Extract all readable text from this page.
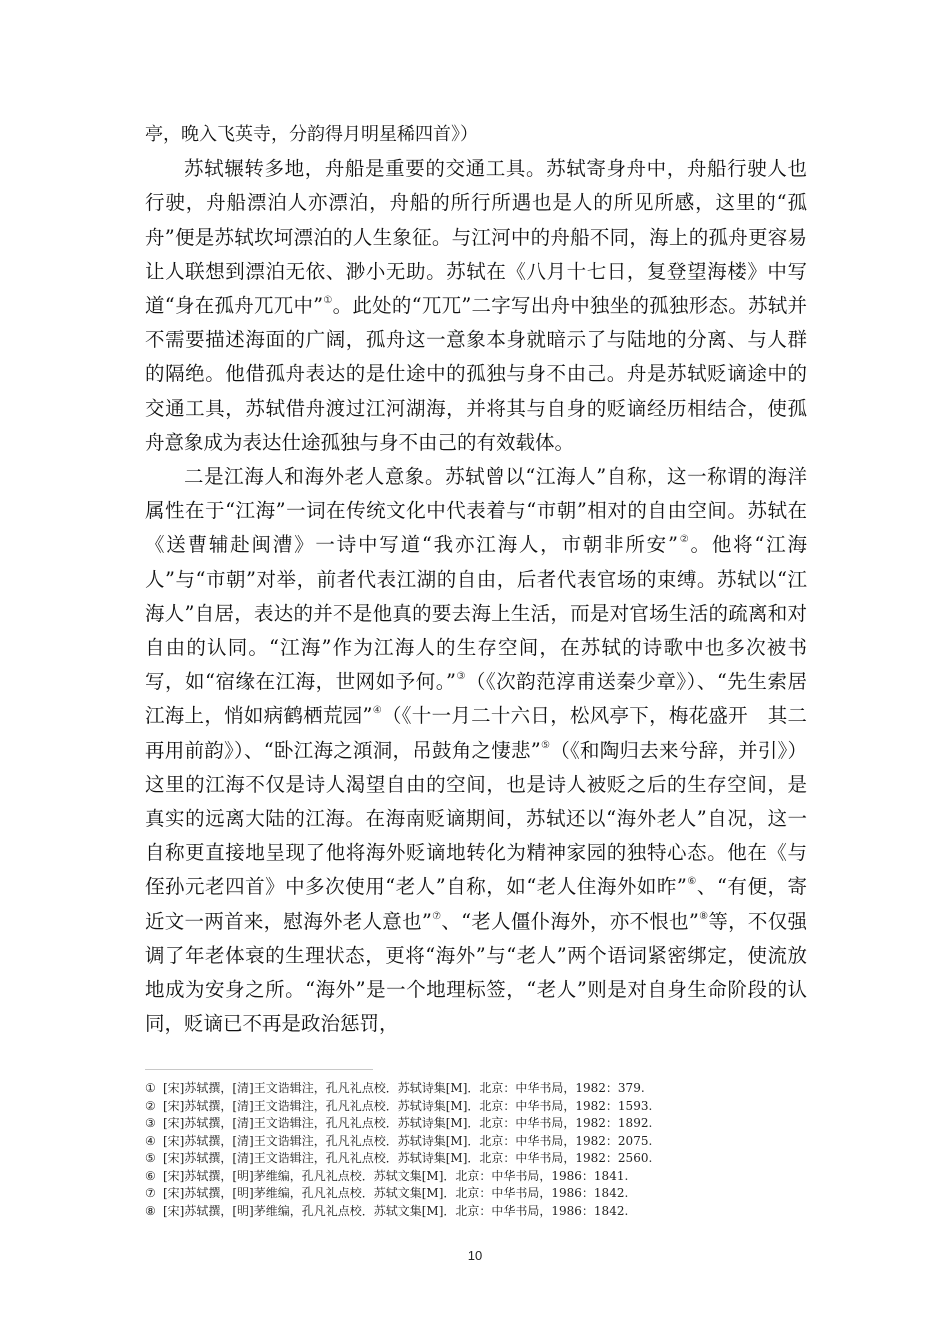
亭，晚入飞英寺，分韵得月明星稀四首》）

苏轼辗转多地，舟船是重要的交通工具。苏轼寄身舟中，舟船行驶人也行驶，舟船漂泊人亦漂泊，舟船的所行所遇也是人的所见所感，这里的“孤舟”便是苏轼坎坷漂泊的人生象征。与江河中的舟船不同，海上的孤舟更容易让人联想到漂泊无依、渺小无助。苏轼在《八月十七日，复登望海楼》中写道“身在孤舟兀兀中”①。此处的“兀兀”二字写出舟中独坐的孤独形态。苏轼并不需要描述海面的广阔，孤舟这一意象本身就暗示了与陆地的分离、与人群的隔绝。他借孤舟表达的是仕途中的孤独与身不由己。舟是苏轼贬谪途中的交通工具，苏轼借舟渡过江河湖海，并将其与自身的贬谪经历相结合，使孤舟意象成为表达仕途孤独与身不由己的有效载体。

二是江海人和海外老人意象。苏轼曾以“江海人”自称，这一称谓的海洋属性在于“江海”一词在传统文化中代表着与“市朝”相对的自由空间。苏轼在《送曹辅赴闽漕》一诗中写道“我亦江海人，市朝非所安”②。他将“江海人”与“市朝”对举，前者代表江湖的自由，后者代表官场的束缚。苏轼以“江海人”自居，表达的并不是他真的要去海上生活，而是对官场生活的疏离和对自由的认同。“江海”作为江海人的生存空间，在苏轼的诗歌中也多次被书写，如“宿缘在江海，世网如予何。”③（《次韵范淳甫送秦少章》）、“先生索居江海上，悄如病鹤栖荒园”④（《十一月二十六日，松风亭下，梅花盛开　其二　再用前韵》）、“卧江海之澒洞，吊鼓角之悽悲”⑤（《和陶归去来兮辞，并引》）这里的江海不仅是诗人渴望自由的空间，也是诗人被贬之后的生存空间，是真实的远离大陆的江海。在海南贬谪期间，苏轼还以“海外老人”自况，这一自称更直接地呈现了他将海外贬谪地转化为精神家园的独特心态。他在《与侄孙元老四首》中多次使用“老人”自称，如“老人住海外如昨”⑥、“有便，寄近文一两首来，慰海外老人意也”⑦、“老人僵仆海外，亦不恨也”⑧等，不仅强调了年老体衰的生理状态，更将“海外”与“老人”两个语词紧密绑定，使流放地成为安身之所。“海外”是一个地理标签，“老人”则是对自身生命阶段的认同，贬谪已不再是政治惩罚，

① [宋]苏轼撰，[清]王文诰辑注，孔凡礼点校．苏轼诗集[M]．北京：中华书局，1982：379.
② [宋]苏轼撰，[清]王文诰辑注，孔凡礼点校．苏轼诗集[M]．北京：中华书局，1982：1593.
③ [宋]苏轼撰，[清]王文诰辑注，孔凡礼点校．苏轼诗集[M]．北京：中华书局，1982：1892.
④ [宋]苏轼撰，[清]王文诰辑注，孔凡礼点校．苏轼诗集[M]．北京：中华书局，1982：2075.
⑤ [宋]苏轼撰，[清]王文诰辑注，孔凡礼点校．苏轼诗集[M]．北京：中华书局，1982：2560.
⑥ [宋]苏轼撰，[明]茅维编，孔凡礼点校．苏轼文集[M]．北京：中华书局，1986：1841.
⑦ [宋]苏轼撰，[明]茅维编，孔凡礼点校．苏轼文集[M]．北京：中华书局，1986：1842.
⑧ [宋]苏轼撰，[明]茅维编，孔凡礼点校．苏轼文集[M]．北京：中华书局，1986：1842.
10
